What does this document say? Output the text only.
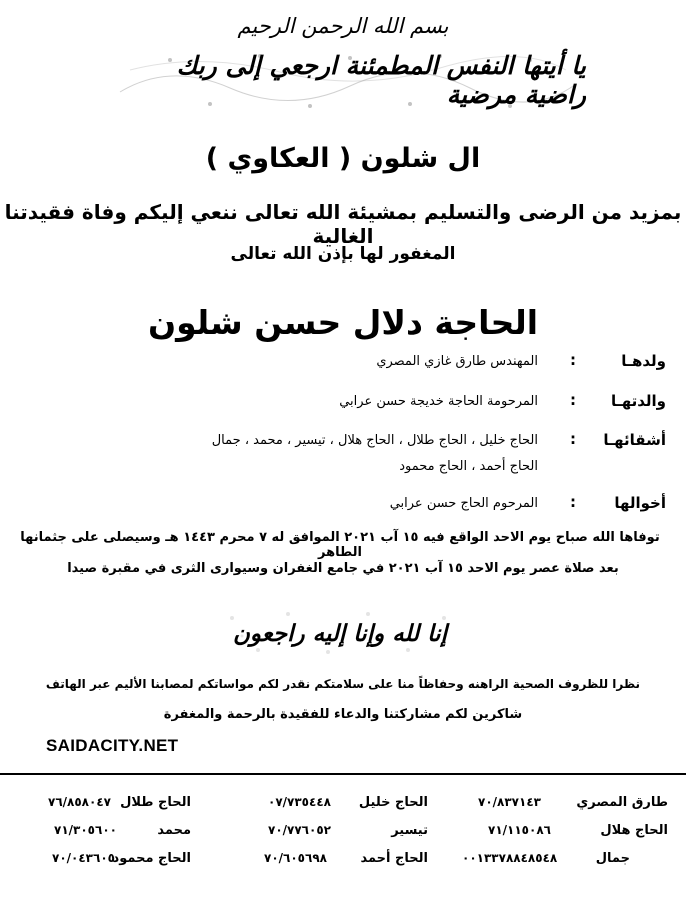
بسم الله الرحمن الرحيم
يا أيتها النفس المطمئنة ارجعي إلى ربك راضية مرضية
ال شلون ( العكاوي )
بمزيد من الرضى والتسليم بمشيئة الله تعالى ننعي إليكم وفاة فقيدتنا الغالية
المغفور لها بإذن الله تعالى
الحاجة دلال حسن شلون
ولدهـا
:
المهندس طارق غازي المصري
والدتهـا
:
المرحومة الحاجة خديجة حسن عرابي
أشقائهـا
:
الحاج خليل ، الحاج طلال ، الحاج هلال ، تيسير ، محمد ، جمال
الحاج أحمد ، الحاج محمود
أخوالها
:
المرحوم الحاج حسن عرابي
توفاها الله صباح يوم الاحد الواقع فيه ١٥ آب ٢٠٢١ الموافق له ٧ محرم ١٤٤٣ هـ وسيصلى على جثمانها الطاهر
بعد صلاة عصر يوم الاحد ١٥ آب ٢٠٢١ في جامع الغفران وسيوارى الثرى في مقبرة صيدا
إنا لله وإنا إليه راجعون
نظرا للظروف الصحية الراهنه وحفاظاً منا على سلامتكم نقدر لكم مواساتكم لمصابنا الأليم عبر الهاتف
شاكرين لكم مشاركتنا والدعاء للفقيدة بالرحمة والمغفرة
SAIDACITY.NET
طارق المصري
٧٠/٨٣٧١٤٣
الحاج خليل
٠٧/٧٣٥٤٤٨
الحاج طلال
٧٦/٨٥٨٠٤٧
الحاج هلال
٧١/١١٥٠٨٦
تيسير
٧٠/٧٧٦٠٥٢
محمد
٧١/٣٠٥٦٠٠
جمال
٠٠١٣٣٧٨٨٤٨٥٤٨
الحاج أحمد
٧٠/٦٠٥٦٩٨
الحاج محمود
٧٠/٠٤٣٦٠٥
